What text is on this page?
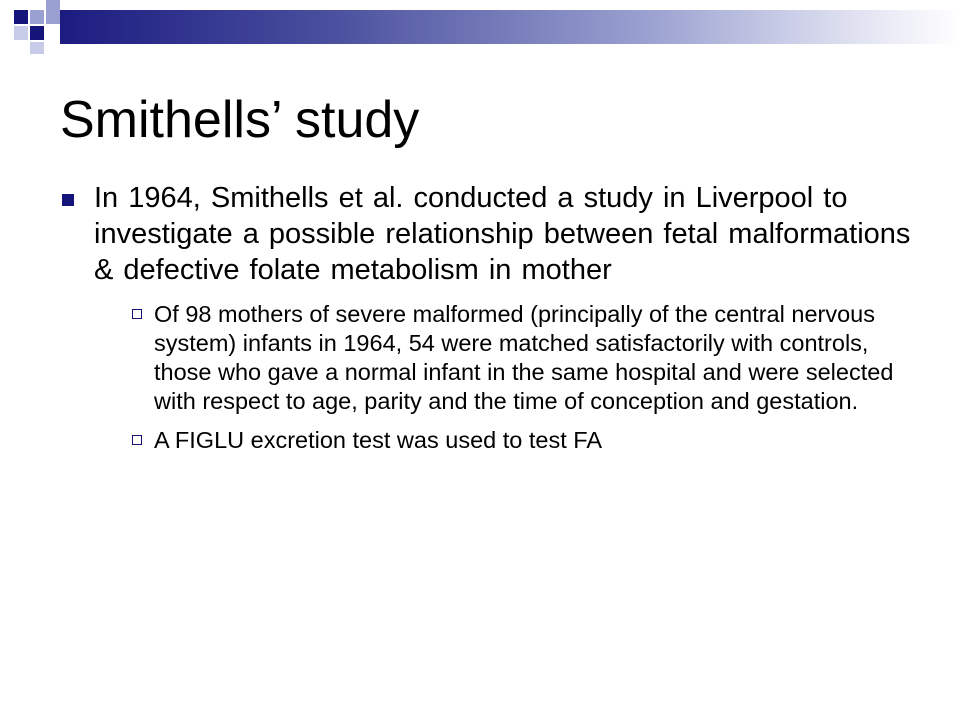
Smithells’ study
In 1964, Smithells et al. conducted a study in Liverpool to investigate a possible relationship between fetal malformations & defective folate metabolism in mother
Of 98 mothers of severe malformed (principally of the central nervous system) infants in 1964, 54 were matched satisfactorily with controls, those who gave a normal infant in the same hospital and were selected with respect to age, parity and the time of conception and gestation.
A FIGLU excretion test was used to test FA
